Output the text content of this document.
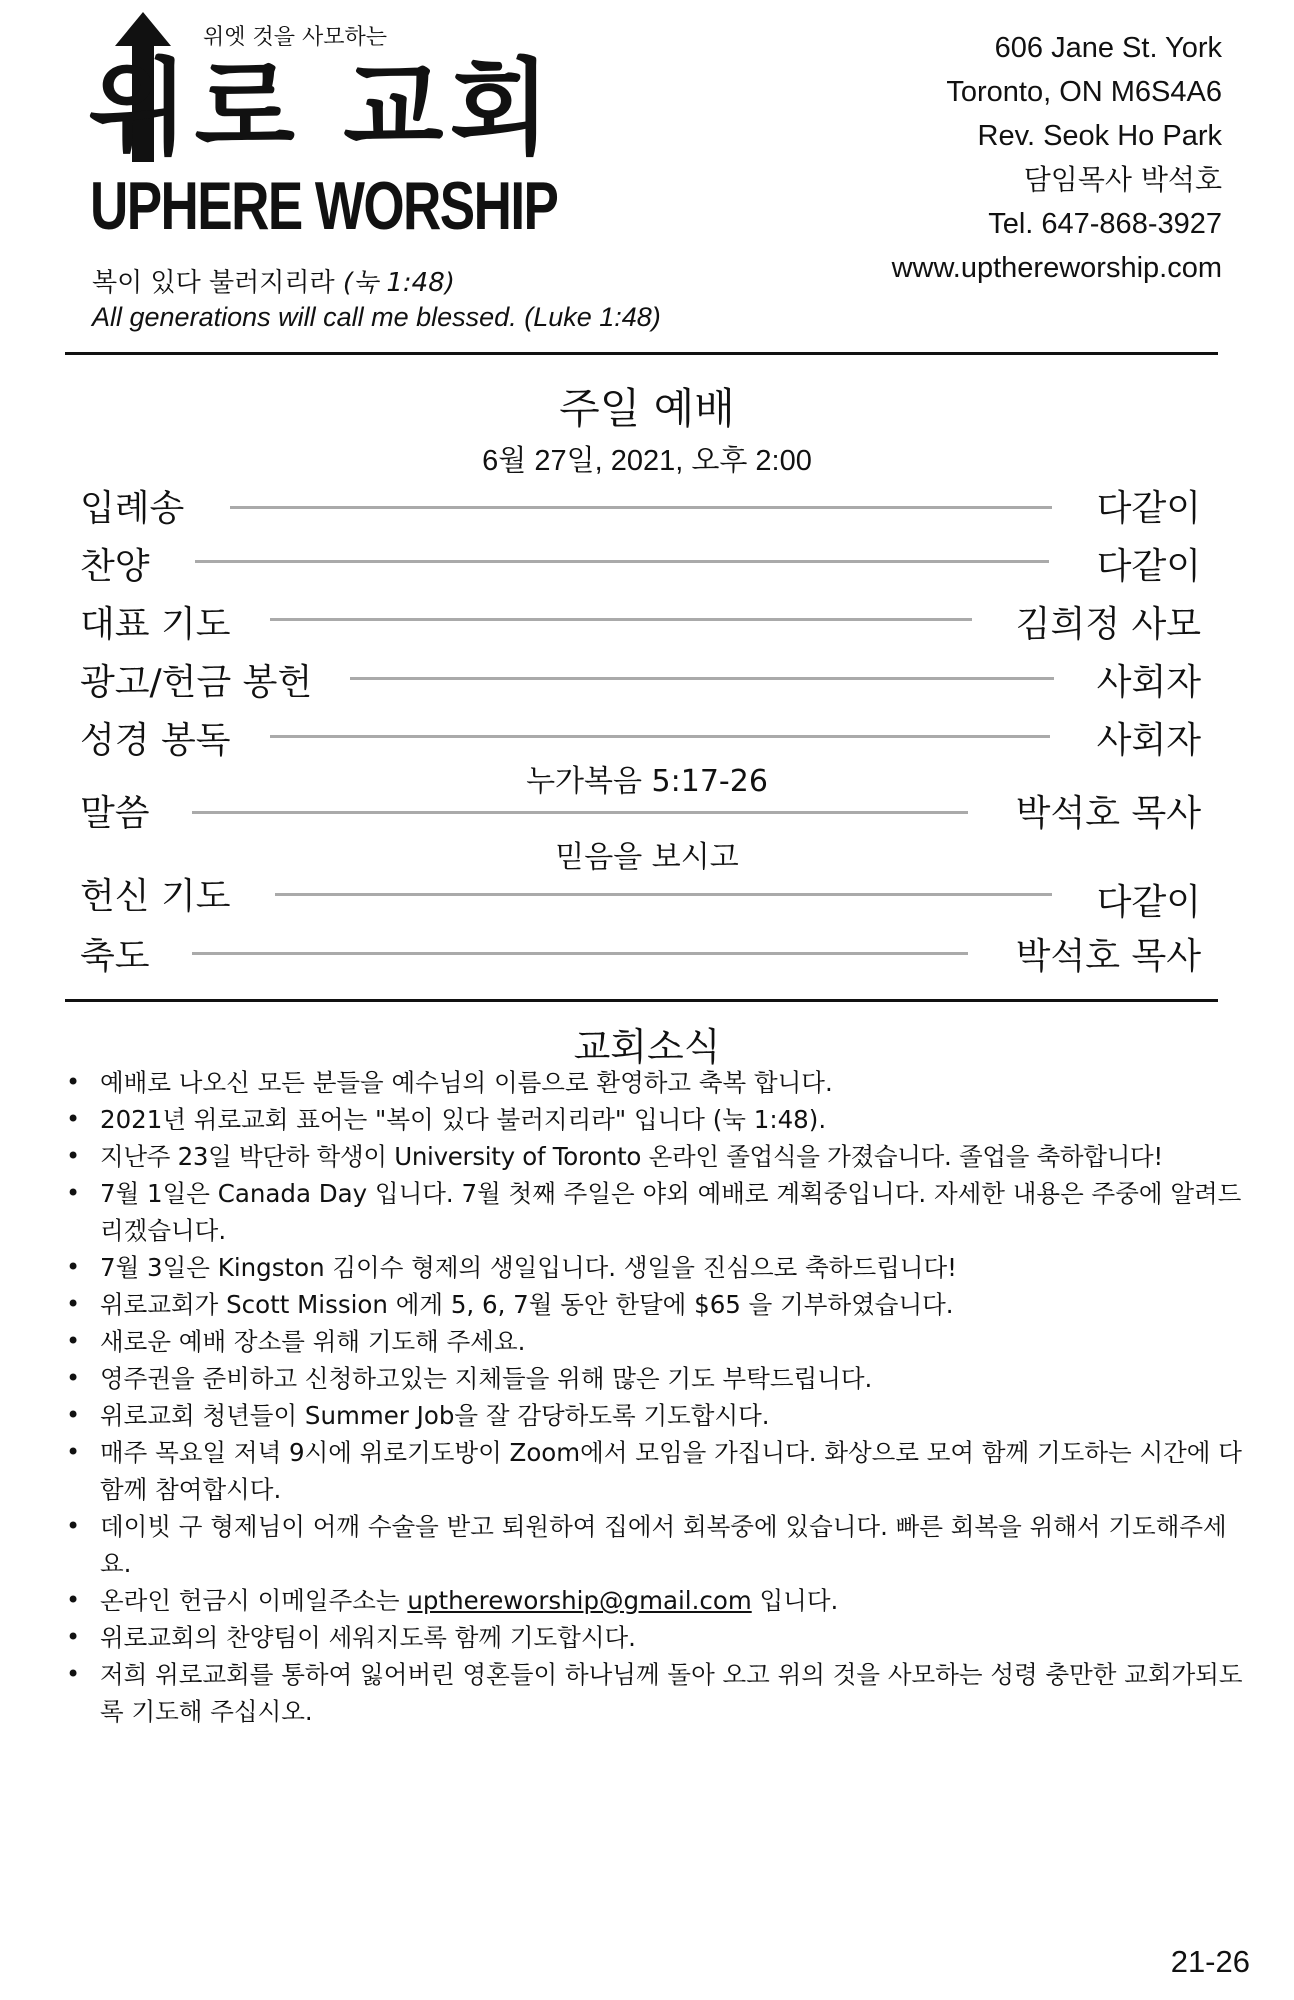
위엣 것을 사모하는
위로 교회
UPHERE WORSHIP
복이 있다 불러지리라 (눅 1:48)
All generations will call me blessed. (Luke 1:48)
606 Jane St. York
Toronto, ON M6S4A6
Rev. Seok Ho Park
담임목사 박석호
Tel. 647-868-3927
www.upthereworship.com
주일 예배
6월 27일, 2021, 오후 2:00
입례송	다같이
찬양	다같이
대표 기도	김희정 사모
광고/헌금 봉헌	사회자
성경 봉독	사회자
누가복음 5:17-26
말씀	박석호 목사
믿음을 보시고
헌신 기도	다같이
축도	박석호 목사
교회소식
• 예배로 나오신 모든 분들을 예수님의 이름으로 환영하고 축복 합니다.
• 2021년 위로교회 표어는 "복이 있다 불러지리라" 입니다 (눅 1:48).
• 지난주 23일 박단하 학생이 University of Toronto 온라인 졸업식을 가졌습니다. 졸업을 축하합니다!
• 7월 1일은 Canada Day 입니다. 7월 첫째 주일은 야외 예배로 계획중입니다. 자세한 내용은 주중에 알려드리겠습니다.
• 7월 3일은 Kingston 김이수 형제의 생일입니다. 생일을 진심으로 축하드립니다!
• 위로교회가 Scott Mission 에게 5, 6, 7월 동안 한달에 $65 을 기부하였습니다.
• 새로운 예배 장소를 위해 기도해 주세요.
• 영주권을 준비하고 신청하고있는 지체들을 위해 많은 기도 부탁드립니다.
• 위로교회 청년들이 Summer Job을 잘 감당하도록 기도합시다.
• 매주 목요일 저녁 9시에 위로기도방이 Zoom에서 모임을 가집니다. 화상으로 모여 함께 기도하는 시간에 다함께 참여합시다.
• 데이빗 구 형제님이 어깨 수술을 받고 퇴원하여 집에서 회복중에 있습니다. 빠른 회복을 위해서 기도해주세요.
• 온라인 헌금시 이메일주소는 upthereworship@gmail.com 입니다.
• 위로교회의 찬양팀이 세워지도록 함께 기도합시다.
• 저희 위로교회를 통하여 잃어버린 영혼들이 하나님께 돌아 오고 위의 것을 사모하는 성령 충만한 교회가되도록 기도해 주십시오.
21-26
